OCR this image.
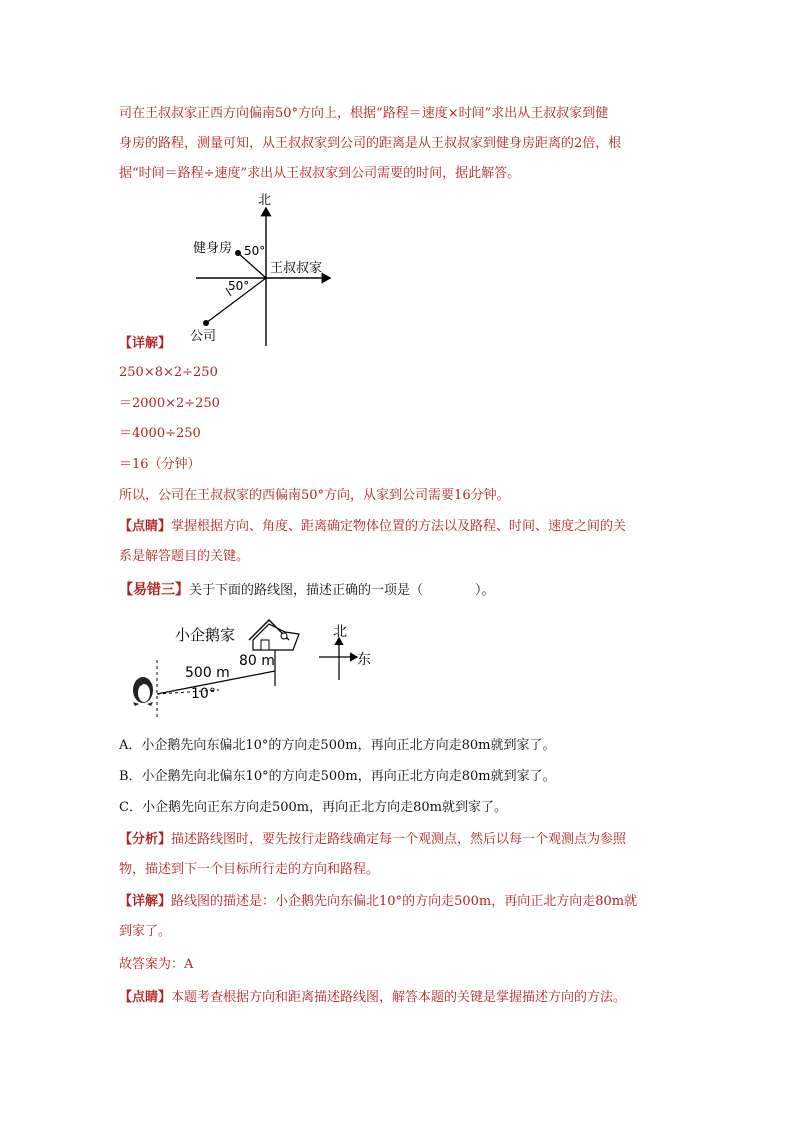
司在王叔叔家正西方向偏南50°方向上，根据“路程＝速度×时间”求出从王叔叔家到健
身房的路程，测量可知，从王叔叔家到公司的距离是从王叔叔家到健身房距离的2倍，根
据“时间＝路程÷速度”求出从王叔叔家到公司需要的时间，据此解答。
北
健身房 50°
王叔叔家
50°
公司
【详解】
250×8×2÷250
＝2000×2÷250
＝4000÷250
＝16（分钟）
所以，公司在王叔叔家的西偏南50°方向，从家到公司需要16分钟。
【点睛】掌握根据方向、角度、距离确定物体位置的方法以及路程、时间、速度之间的关
系是解答题目的关键。
【易错三】关于下面的路线图，描述正确的一项是（　　　　）。
小企鹅家
500 m
80 m
10°
北
东
A．小企鹅先向东偏北10°的方向走500m，再向正北方向走80m就到家了。
B．小企鹅先向北偏东10°的方向走500m，再向正北方向走80m就到家了。
C．小企鹅先向正东方向走500m，再向正北方向走80m就到家了。
【分析】描述路线图时，要先按行走路线确定每一个观测点，然后以每一个观测点为参照
物，描述到下一个目标所行走的方向和路程。
【详解】路线图的描述是：小企鹅先向东偏北10°的方向走500m，再向正北方向走80m就
到家了。
故答案为：A
【点睛】本题考查根据方向和距离描述路线图，解答本题的关键是掌握描述方向的方法。
